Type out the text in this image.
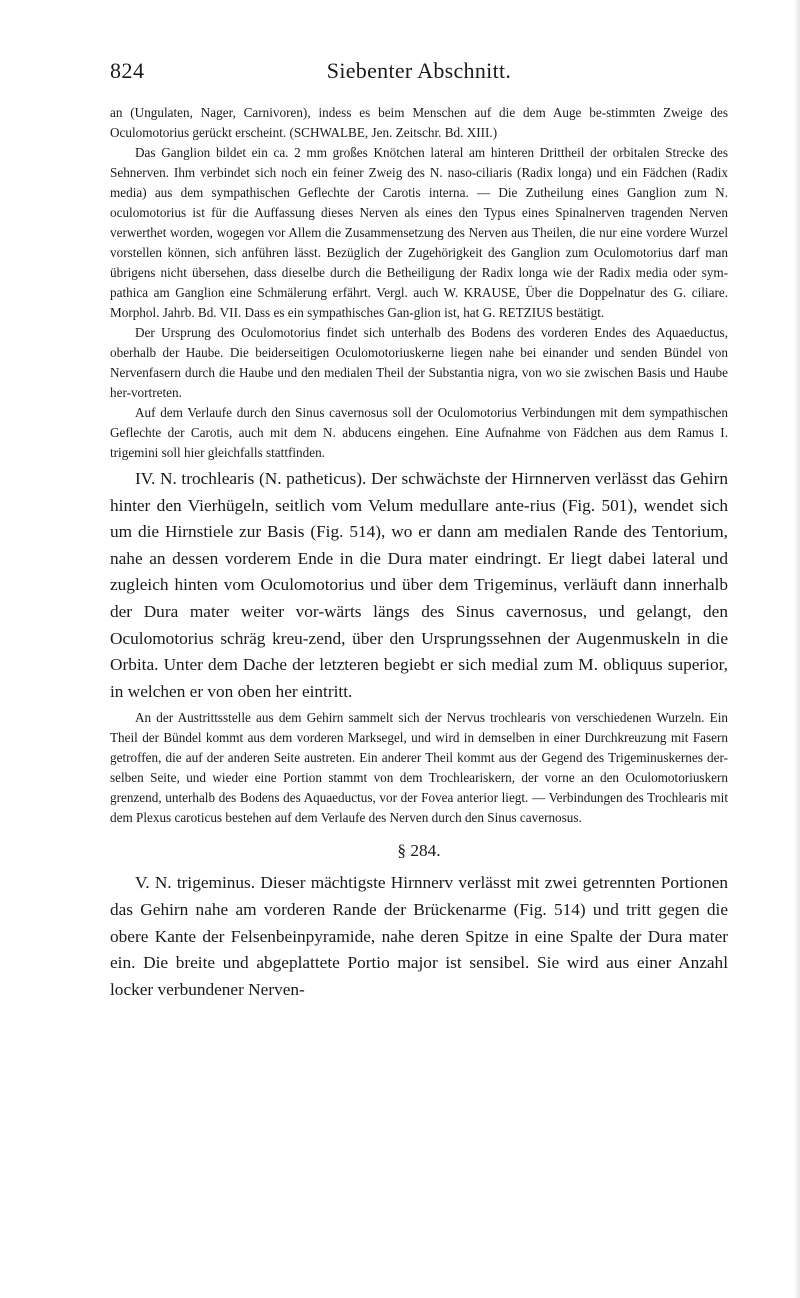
824	Siebenter Abschnitt.

an (Ungulaten, Nager, Carnivoren), indess es beim Menschen auf die dem Auge be-stimmten Zweige des Oculomotorius gerückt erscheint. (SCHWALBE, Jen. Zeitschr. Bd. XIII.)

Das Ganglion bildet ein ca. 2 mm großes Knötchen lateral am hinteren Drittheil der orbitalen Strecke des Sehnerven. Ihm verbindet sich noch ein feiner Zweig des N. naso-ciliaris (Radix longa) und ein Fädchen (Radix media) aus dem sympathischen Geflechte der Carotis interna. — Die Zutheilung eines Ganglion zum N. oculomotorius ist für die Auffassung dieses Nerven als eines den Typus eines Spinalnerven tragenden Nerven verwerthet worden, wogegen vor Allem die Zusammensetzung des Nerven aus Theilen, die nur eine vordere Wurzel vorstellen können, sich anführen lässt. Bezüglich der Zugehörigkeit des Ganglion zum Oculomotorius darf man übrigens nicht übersehen, dass dieselbe durch die Betheiligung der Radix longa wie der Radix media oder sym-pathica am Ganglion eine Schmälerung erfährt. Vergl. auch W. KRAUSE, Über die Doppelnatur des G. ciliare. Morphol. Jahrb. Bd. VII. Dass es ein sympathisches Gan-glion ist, hat G. RETZIUS bestätigt.

Der Ursprung des Oculomotorius findet sich unterhalb des Bodens des vorderen Endes des Aquaeductus, oberhalb der Haube. Die beiderseitigen Oculomotoriuskerne liegen nahe bei einander und senden Bündel von Nervenfasern durch die Haube und den medialen Theil der Substantia nigra, von wo sie zwischen Basis und Haube her-vortreten.

Auf dem Verlaufe durch den Sinus cavernosus soll der Oculomotorius Verbindungen mit dem sympathischen Geflechte der Carotis, auch mit dem N. abducens eingehen. Eine Aufnahme von Fädchen aus dem Ramus I. trigemini soll hier gleichfalls stattfinden.

IV. N. trochlearis (N. patheticus). Der schwächste der Hirnnerven verlässt das Gehirn hinter den Vierhügeln, seitlich vom Velum medullare ante-rius (Fig. 501), wendet sich um die Hirnstiele zur Basis (Fig. 514), wo er dann am medialen Rande des Tentorium, nahe an dessen vorderem Ende in die Dura mater eindringt. Er liegt dabei lateral und zugleich hinten vom Oculomotorius und über dem Trigeminus, verläuft dann innerhalb der Dura mater weiter vor-wärts längs des Sinus cavernosus, und gelangt, den Oculomotorius schräg kreu-zend, über den Ursprungssehnen der Augenmuskeln in die Orbita. Unter dem Dache der letzteren begiebt er sich medial zum M. obliquus superior, in welchen er von oben her eintritt.

An der Austrittsstelle aus dem Gehirn sammelt sich der Nervus trochlearis von verschiedenen Wurzeln. Ein Theil der Bündel kommt aus dem vorderen Marksegel, und wird in demselben in einer Durchkreuzung mit Fasern getroffen, die auf der anderen Seite austreten. Ein anderer Theil kommt aus der Gegend des Trigeminuskernes der-selben Seite, und wieder eine Portion stammt von dem Trochleariskern, der vorne an den Oculomotoriuskern grenzend, unterhalb des Bodens des Aquaeductus, vor der Fovea anterior liegt. — Verbindungen des Trochlearis mit dem Plexus caroticus bestehen auf dem Verlaufe des Nerven durch den Sinus cavernosus.

§ 284.

V. N. trigeminus. Dieser mächtigste Hirnnerv verlässt mit zwei getrennten Portionen das Gehirn nahe am vorderen Rande der Brückenarme (Fig. 514) und tritt gegen die obere Kante der Felsenbeinpyramide, nahe deren Spitze in eine Spalte der Dura mater ein. Die breite und abgeplattete Portio major ist sensibel. Sie wird aus einer Anzahl locker verbundener Nerven-
